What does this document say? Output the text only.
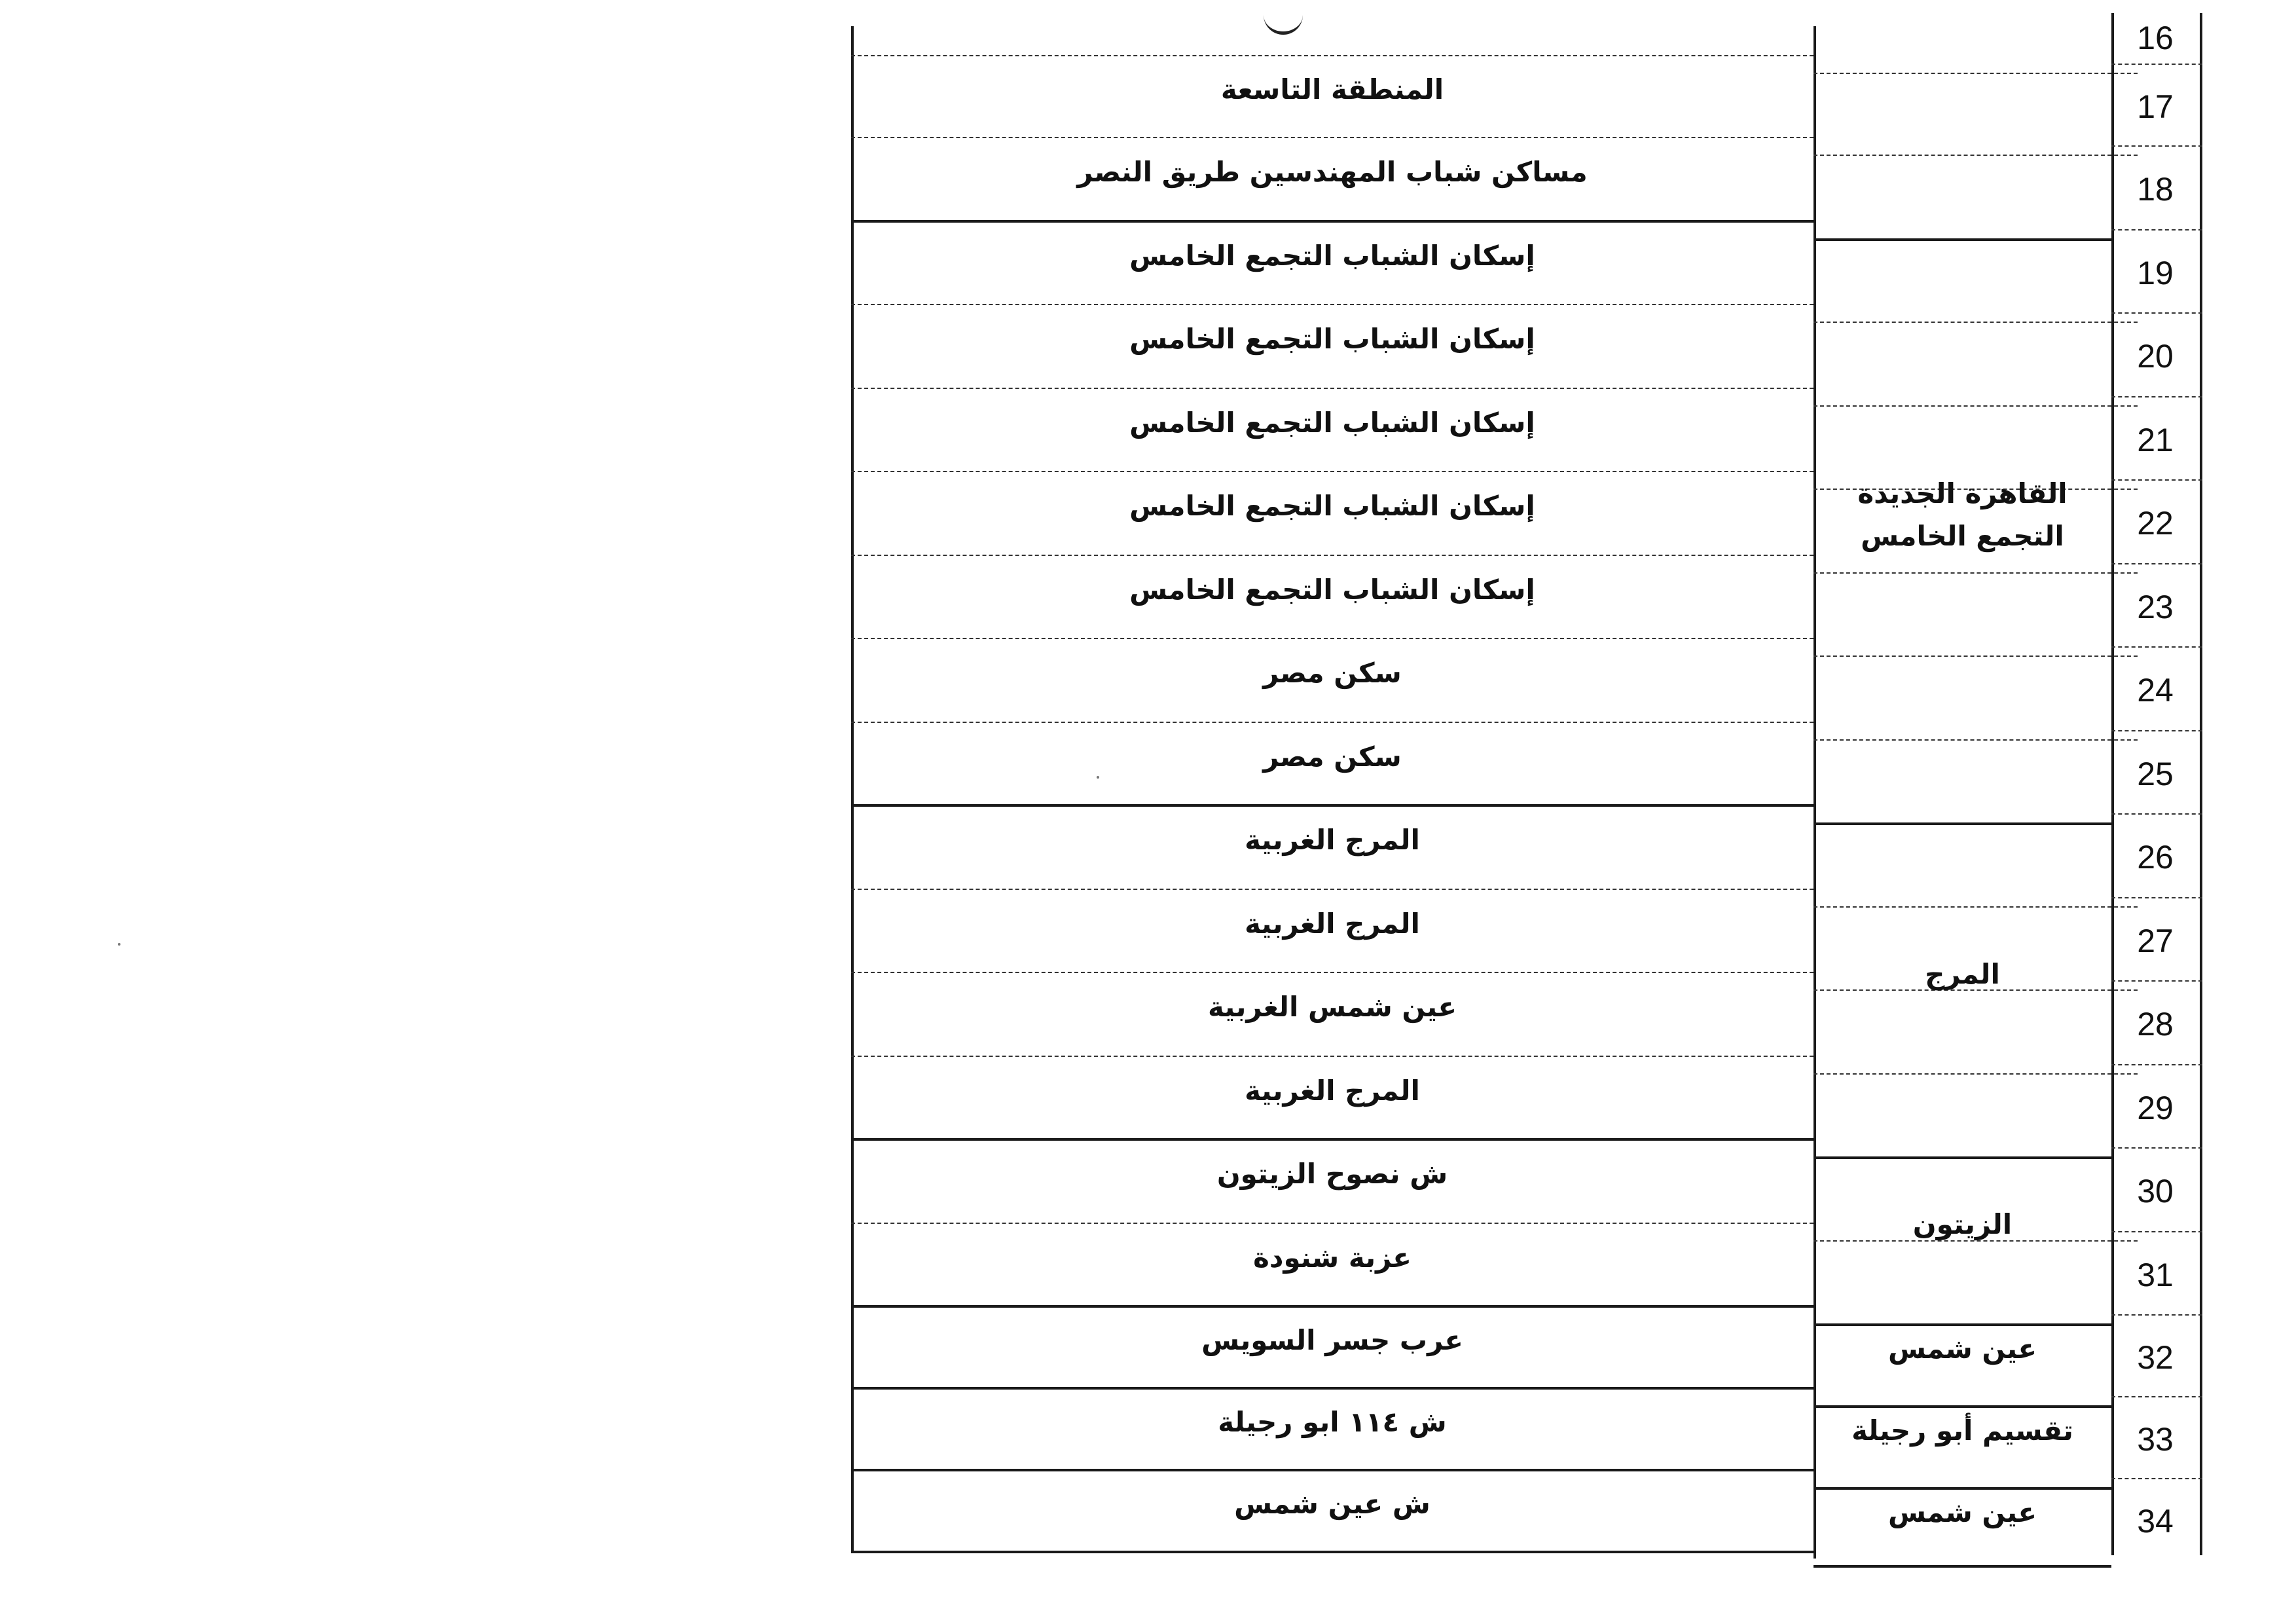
16
17
المنطقة التاسعة
18
مساكن شباب المهندسين طريق النصر
19
إسكان الشباب التجمع الخامس
20
إسكان الشباب التجمع الخامس
21
إسكان الشباب التجمع الخامس
22
إسكان الشباب التجمع الخامس
23
إسكان الشباب التجمع الخامس
24
سكن مصر
25
سكن مصر
26
المرج الغربية
27
المرج الغربية
28
عين شمس الغربية
29
المرج الغربية
30
ش نصوح الزيتون
31
عزبة شنودة
32
عرب جسر السويس
33
ش ١١٤ ابو رجيلة
34
ش عين شمس
القاهرة الجديدة
التجمع الخامس
المرج
الزيتون
عين شمس
تقسيم أبو رجيلة
عين شمس
